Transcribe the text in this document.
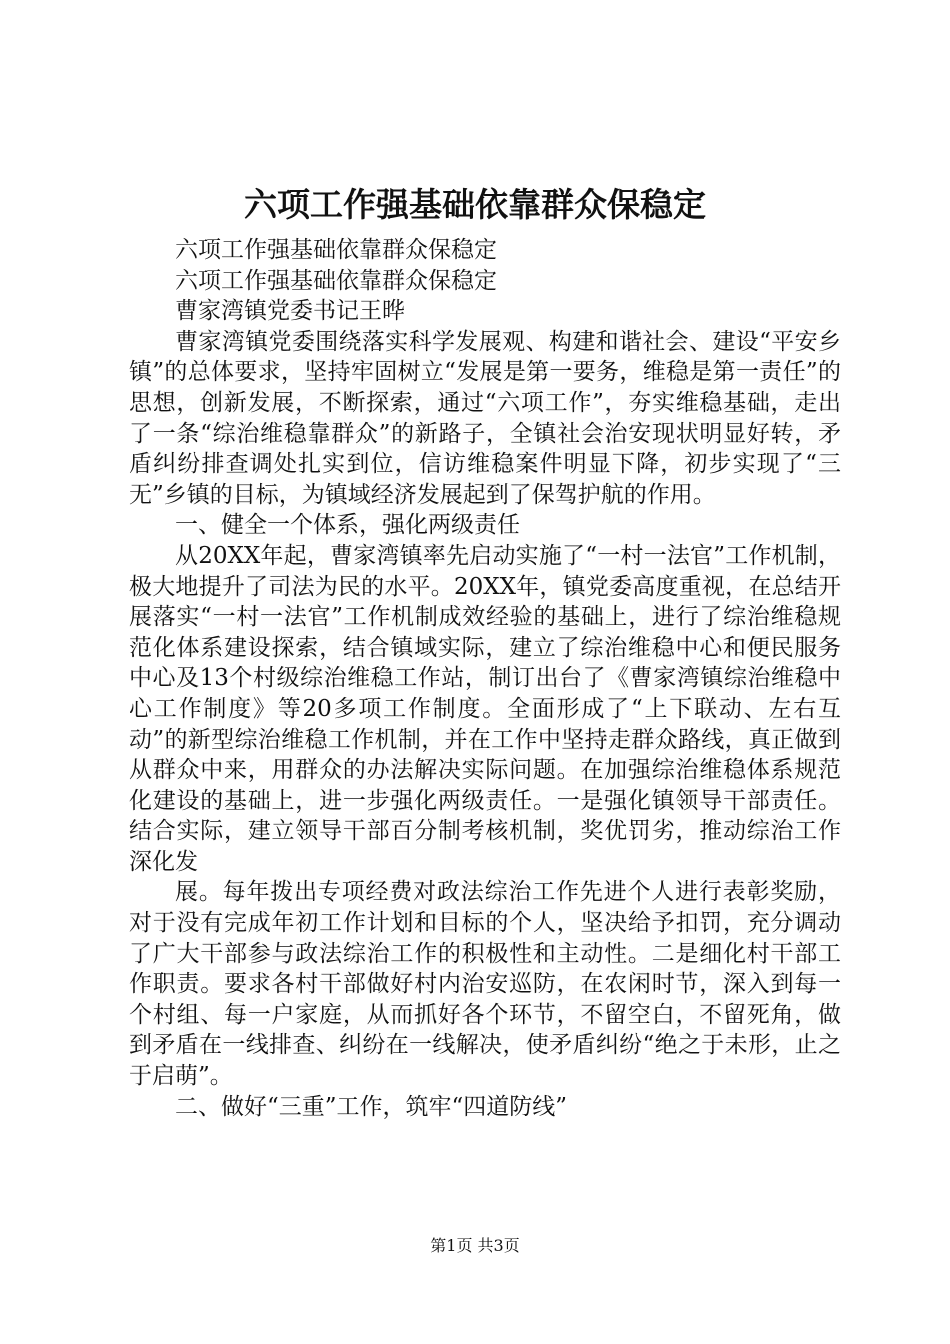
六项工作强基础依靠群众保稳定

六项工作强基础依靠群众保稳定

六项工作强基础依靠群众保稳定

曹家湾镇党委书记王晔

曹家湾镇党委围绕落实科学发展观、构建和谐社会、建设“平安乡镇”的总体要求，坚持牢固树立“发展是第一要务，维稳是第一责任”的思想，创新发展，不断探索，通过“六项工作”，夯实维稳基础，走出了一条“综治维稳靠群众”的新路子，全镇社会治安现状明显好转，矛盾纠纷排查调处扎实到位，信访维稳案件明显下降，初步实现了“三无”乡镇的目标，为镇域经济发展起到了保驾护航的作用。

一、健全一个体系，强化两级责任

从20XX年起，曹家湾镇率先启动实施了“一村一法官”工作机制，极大地提升了司法为民的水平。20XX年，镇党委高度重视，在总结开展落实“一村一法官”工作机制成效经验的基础上，进行了综治维稳规范化体系建设探索，结合镇域实际，建立了综治维稳中心和便民服务中心及13个村级综治维稳工作站，制订出台了《曹家湾镇综治维稳中心工作制度》等20多项工作制度。全面形成了“上下联动、左右互动”的新型综治维稳工作机制，并在工作中坚持走群众路线，真正做到从群众中来，用群众的办法解决实际问题。在加强综治维稳体系规范化建设的基础上，进一步强化两级责任。一是强化镇领导干部责任。结合实际，建立领导干部百分制考核机制，奖优罚劣，推动综治工作深化发

展。每年拨出专项经费对政法综治工作先进个人进行表彰奖励，对于没有完成年初工作计划和目标的个人，坚决给予扣罚，充分调动了广大干部参与政法综治工作的积极性和主动性。二是细化村干部工作职责。要求各村干部做好村内治安巡防，在农闲时节，深入到每一个村组、每一户家庭，从而抓好各个环节，不留空白，不留死角，做到矛盾在一线排查、纠纷在一线解决，使矛盾纠纷“绝之于未形，止之于启萌”。

二、做好“三重”工作，筑牢“四道防线”

第1页 共3页
